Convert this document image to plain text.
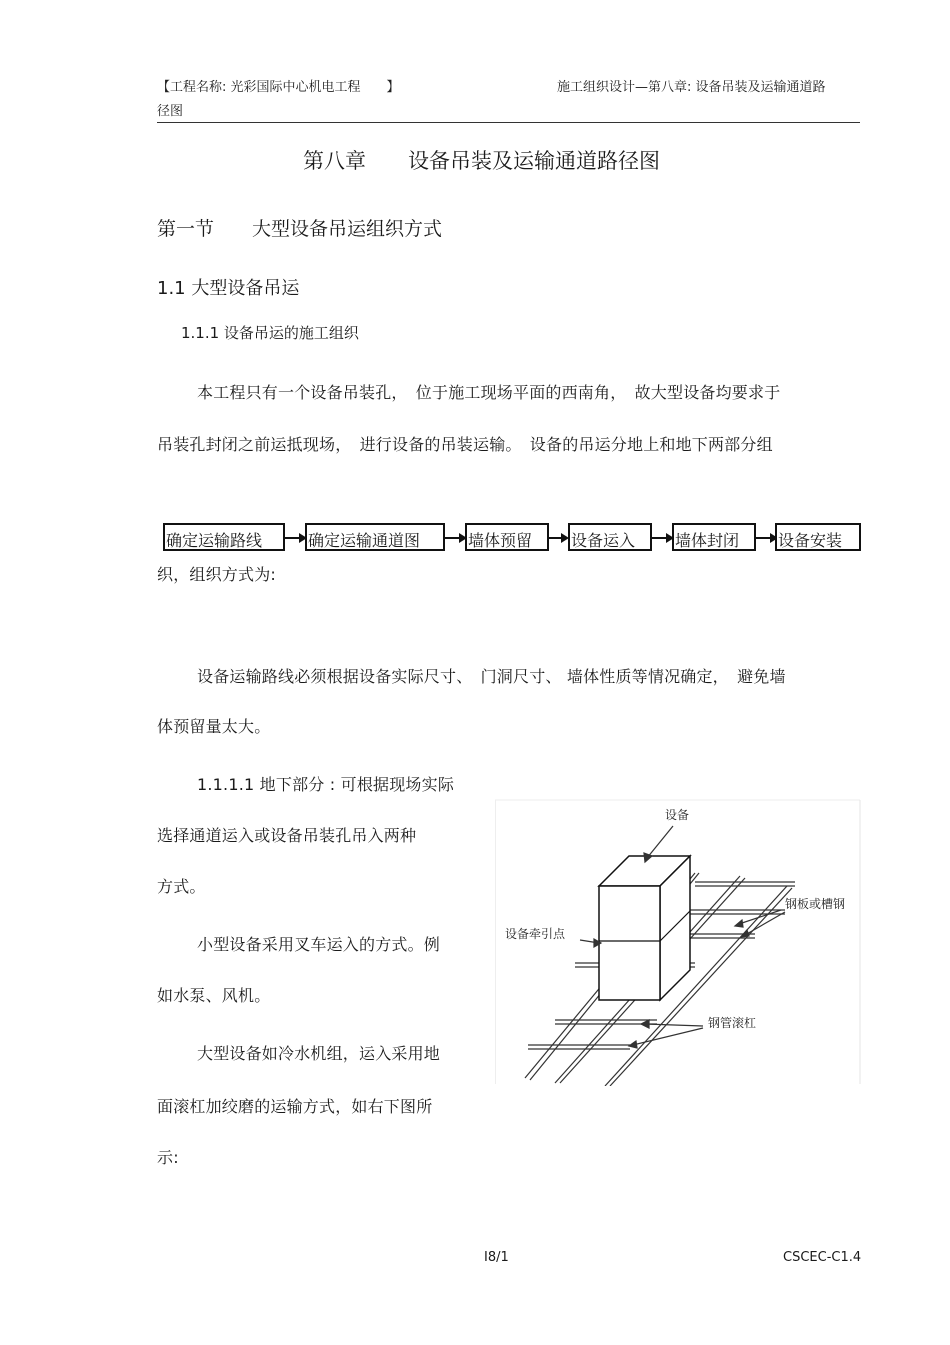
【工程名称: 光彩国际中心机电工程　　】
径图
施工组织设计—第八章: 设备吊装及运输通道路
第八章　　设备吊装及运输通道路径图
第一节　　大型设备吊运组织方式
1.1 大型设备吊运
1.1.1 设备吊运的施工组织
本工程只有一个设备吊装孔，　位于施工现场平面的西南角，　故大型设备均要求于
吊装孔封闭之前运抵现场，　进行设备的吊装运输。　设备的吊运分地上和地下两部分组
确定运输路线	确定运输通道图	墙体预留	设备运入	墙体封闭	设备安装
织，组织方式为:
设备运输路线必须根据设备实际尺寸、　门洞尺寸、 墙体性质等情况确定，　避免墙
体预留量太大。
1.1.1.1 地下部分 : 可根据现场实际
选择通道运入或设备吊装孔吊入两种
方式。
小型设备采用叉车运入的方式。例
如水泵、风机。
大型设备如冷水机组，运入采用地
面滚杠加绞磨的运输方式，如右下图所
示:
设备
钢板或槽钢
设备牵引点
钢管滚杠
I8/1	CSCEC-C1.4
